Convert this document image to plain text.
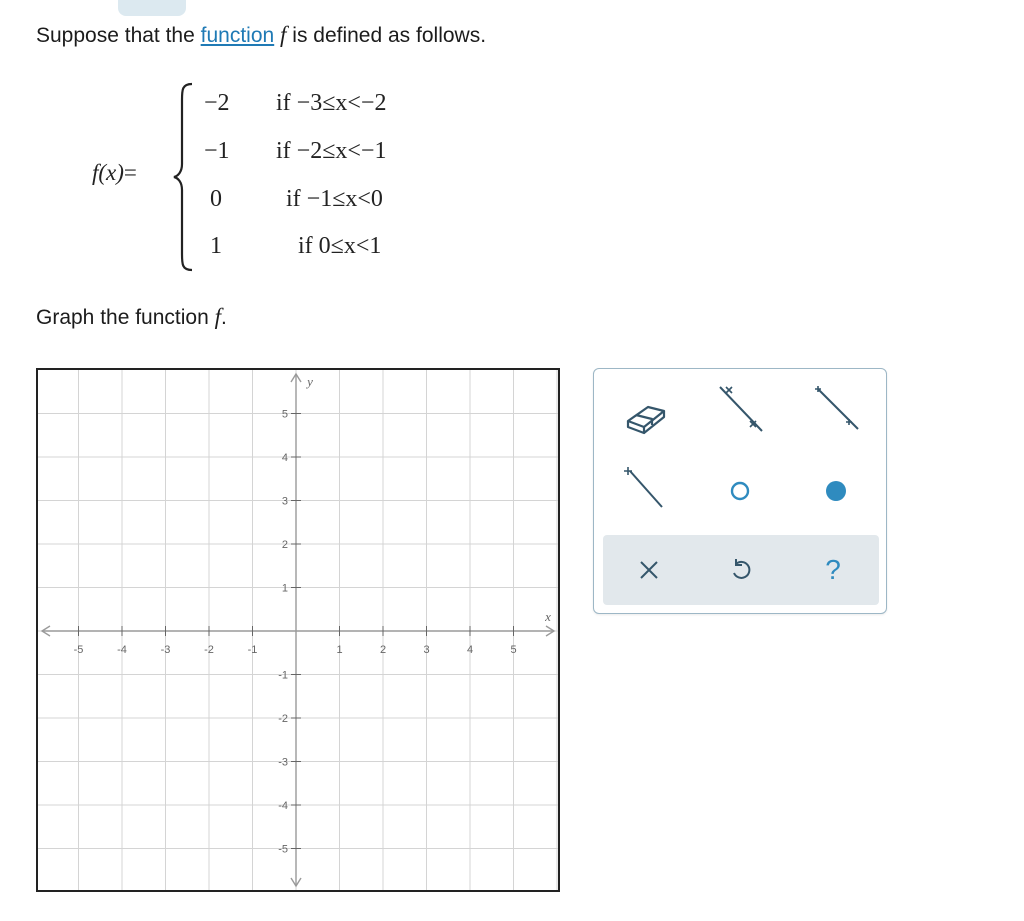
Suppose that the function f is defined as follows.
f(x)=
−2 if −3≤x<−2
−1 if −2≤x<−1
0	if −1≤x<0
1	if 0≤x<1
Graph the function f.
-5	-4	-3	-2	-1	1	2	3	4	5
5
4
3
2
1
-1
-2
-3
-4
-5
x
y
?
